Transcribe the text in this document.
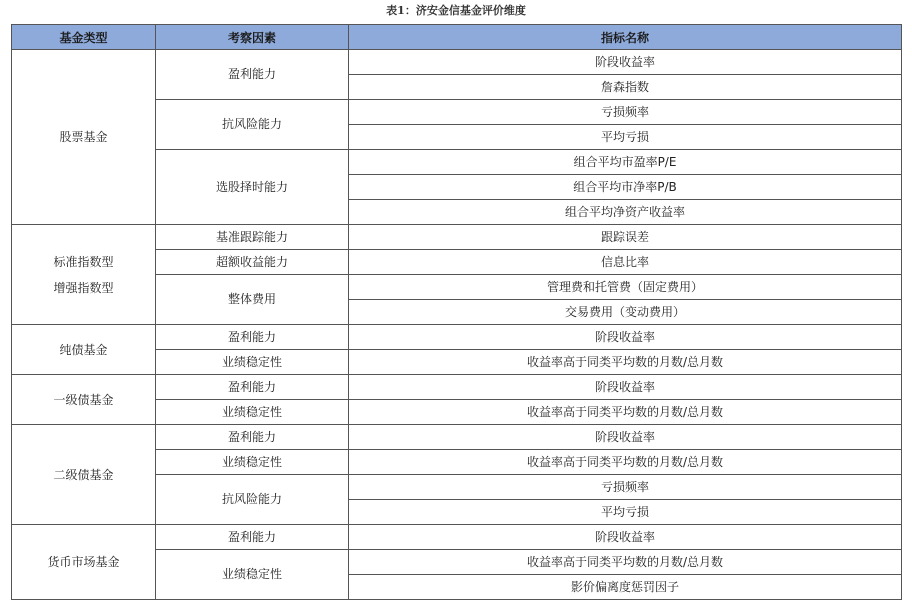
表1：济安金信基金评价维度
基金类型	考察因素	指标名称

股票基金	盈利能力	阶段收益率
		詹森指数
	抗风险能力	亏损频率
		平均亏损
	选股择时能力	组合平均市盈率P/E
		组合平均市净率P/B
		组合平均净资产收益率

标准指数型
增强指数型	基准跟踪能力	跟踪误差
	超额收益能力	信息比率
	整体费用	管理费和托管费（固定费用）
		交易费用（变动费用）

纯债基金	盈利能力	阶段收益率
	业绩稳定性	收益率高于同类平均数的月数/总月数

一级债基金	盈利能力	阶段收益率
	业绩稳定性	收益率高于同类平均数的月数/总月数

二级债基金	盈利能力	阶段收益率
	业绩稳定性	收益率高于同类平均数的月数/总月数
	抗风险能力	亏损频率
		平均亏损

货币市场基金	盈利能力	阶段收益率
	业绩稳定性	收益率高于同类平均数的月数/总月数
		影价偏离度惩罚因子
